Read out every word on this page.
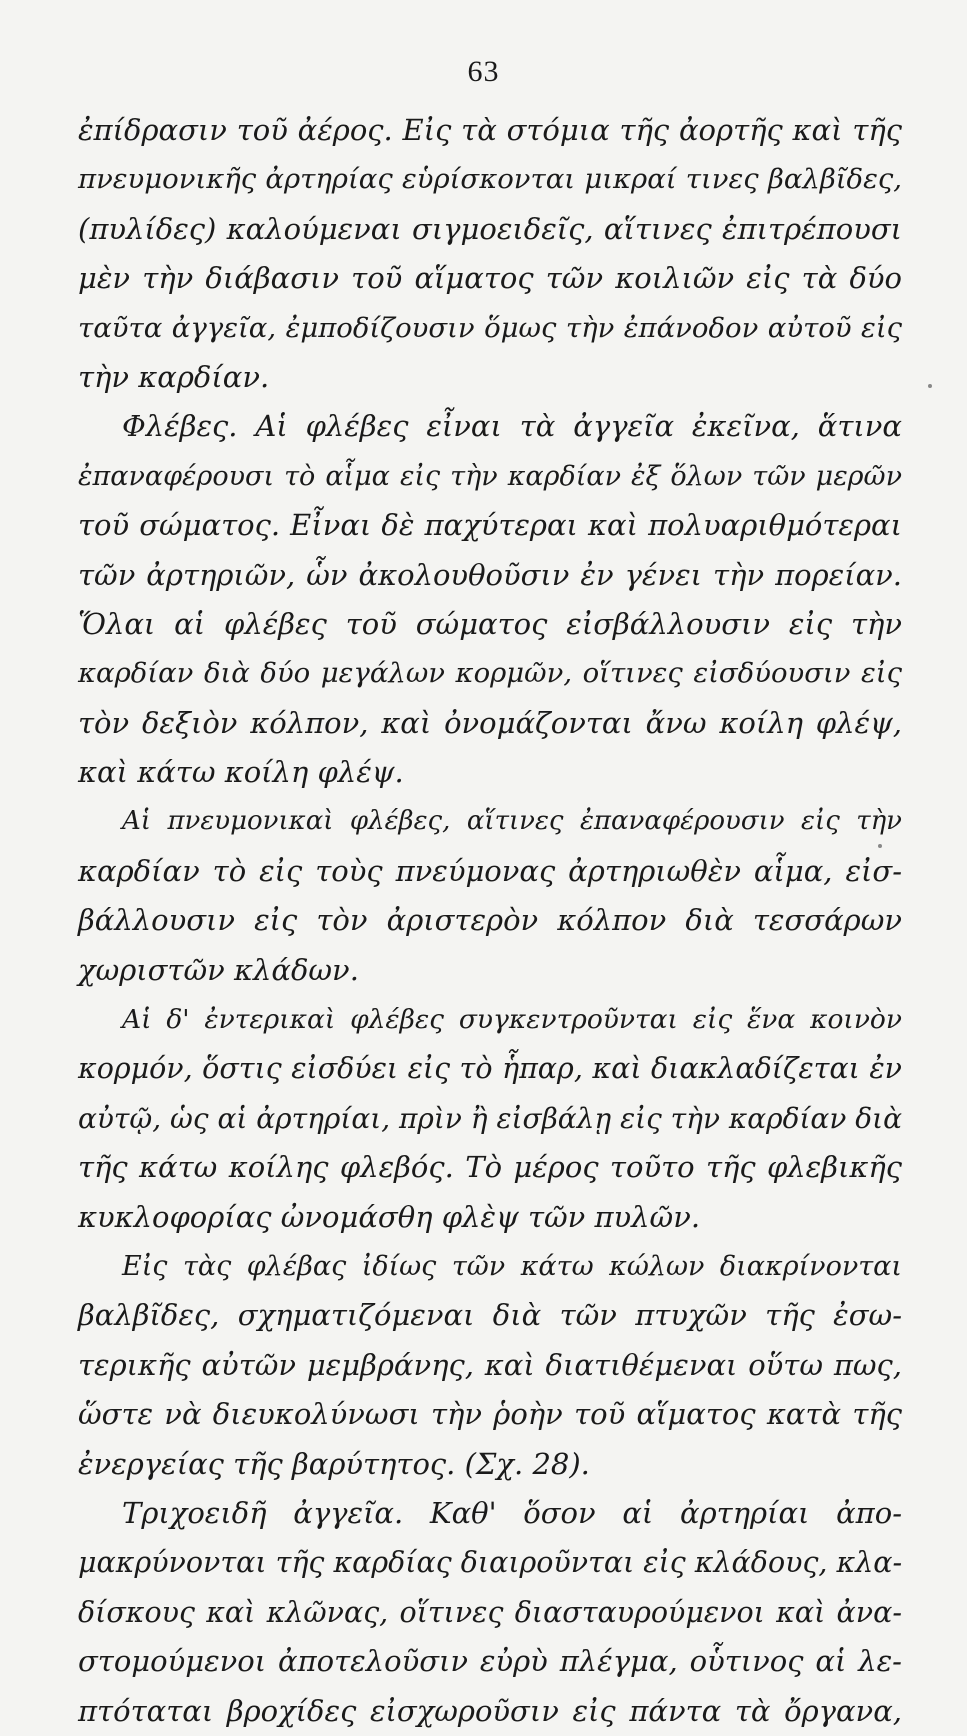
63
ἐπίδρασιν τοῦ ἀέρος. Εἰς τὰ στόμια τῆς ἀορτῆς καὶ τῆς
πνευμονικῆς ἀρτηρίας εὑρίσκονται μικραί τινες βαλβῖδες,
(πυλίδες) καλούμεναι σιγμοειδεῖς, αἵτινες ἐπιτρέπουσι
μὲν τὴν διάβασιν τοῦ αἵματος τῶν κοιλιῶν εἰς τὰ δύο
ταῦτα ἀγγεῖα, ἐμποδίζουσιν ὅμως τὴν ἐπάνοδον αὐτοῦ εἰς
τὴν καρδίαν.
Φλέβες. Αἱ φλέβες εἶναι τὰ ἀγγεῖα ἐκεῖνα, ἅτινα
ἐπαναφέρουσι τὸ αἷμα εἰς τὴν καρδίαν ἐξ ὅλων τῶν μερῶν
τοῦ σώματος. Εἶναι δὲ παχύτεραι καὶ πολυαριθμότεραι
τῶν ἀρτηριῶν, ὧν ἀκολουθοῦσιν ἐν γένει τὴν πορείαν.
Ὅλαι αἱ φλέβες τοῦ σώματος εἰσβάλλουσιν εἰς τὴν
καρδίαν διὰ δύο μεγάλων κορμῶν, οἵτινες εἰσδύουσιν εἰς
τὸν δεξιὸν κόλπον, καὶ ὀνομάζονται ἄνω κοίλη φλέψ,
καὶ κάτω κοίλη φλέψ.
Αἱ πνευμονικαὶ φλέβες, αἵτινες ἐπαναφέρουσιν εἰς τὴν
καρδίαν τὸ εἰς τοὺς πνεύμονας ἀρτηριωθὲν αἷμα, εἰσ-
βάλλουσιν εἰς τὸν ἀριστερὸν κόλπον διὰ τεσσάρων
χωριστῶν κλάδων.
Αἱ δ' ἐντερικαὶ φλέβες συγκεντροῦνται εἰς ἕνα κοινὸν
κορμόν, ὅστις εἰσδύει εἰς τὸ ἧπαρ, καὶ διακλαδίζεται ἐν
αὐτῷ, ὡς αἱ ἀρτηρίαι, πρὶν ἢ εἰσβάλῃ εἰς τὴν καρδίαν διὰ
τῆς κάτω κοίλης φλεβός. Τὸ μέρος τοῦτο τῆς φλεβικῆς
κυκλοφορίας ὠνομάσθη φλὲψ τῶν πυλῶν.
Εἰς τὰς φλέβας ἰδίως τῶν κάτω κώλων διακρίνονται
βαλβῖδες, σχηματιζόμεναι διὰ τῶν πτυχῶν τῆς ἐσω-
τερικῆς αὐτῶν μεμβράνης, καὶ διατιθέμεναι οὕτω πως,
ὥστε νὰ διευκολύνωσι τὴν ῥοὴν τοῦ αἵματος κατὰ τῆς
ἐνεργείας τῆς βαρύτητος. (Σχ. 28).
Τριχοειδῆ ἀγγεῖα. Καθ' ὅσον αἱ ἀρτηρίαι ἀπο-
μακρύνονται τῆς καρδίας διαιροῦνται εἰς κλάδους, κλα-
δίσκους καὶ κλῶνας, οἵτινες διασταυρούμενοι καὶ ἀνα-
στομούμενοι ἀποτελοῦσιν εὐρὺ πλέγμα, οὗτινος αἱ λε-
πτόταται βροχίδες εἰσχωροῦσιν εἰς πάντα τὰ ὄργανα,
